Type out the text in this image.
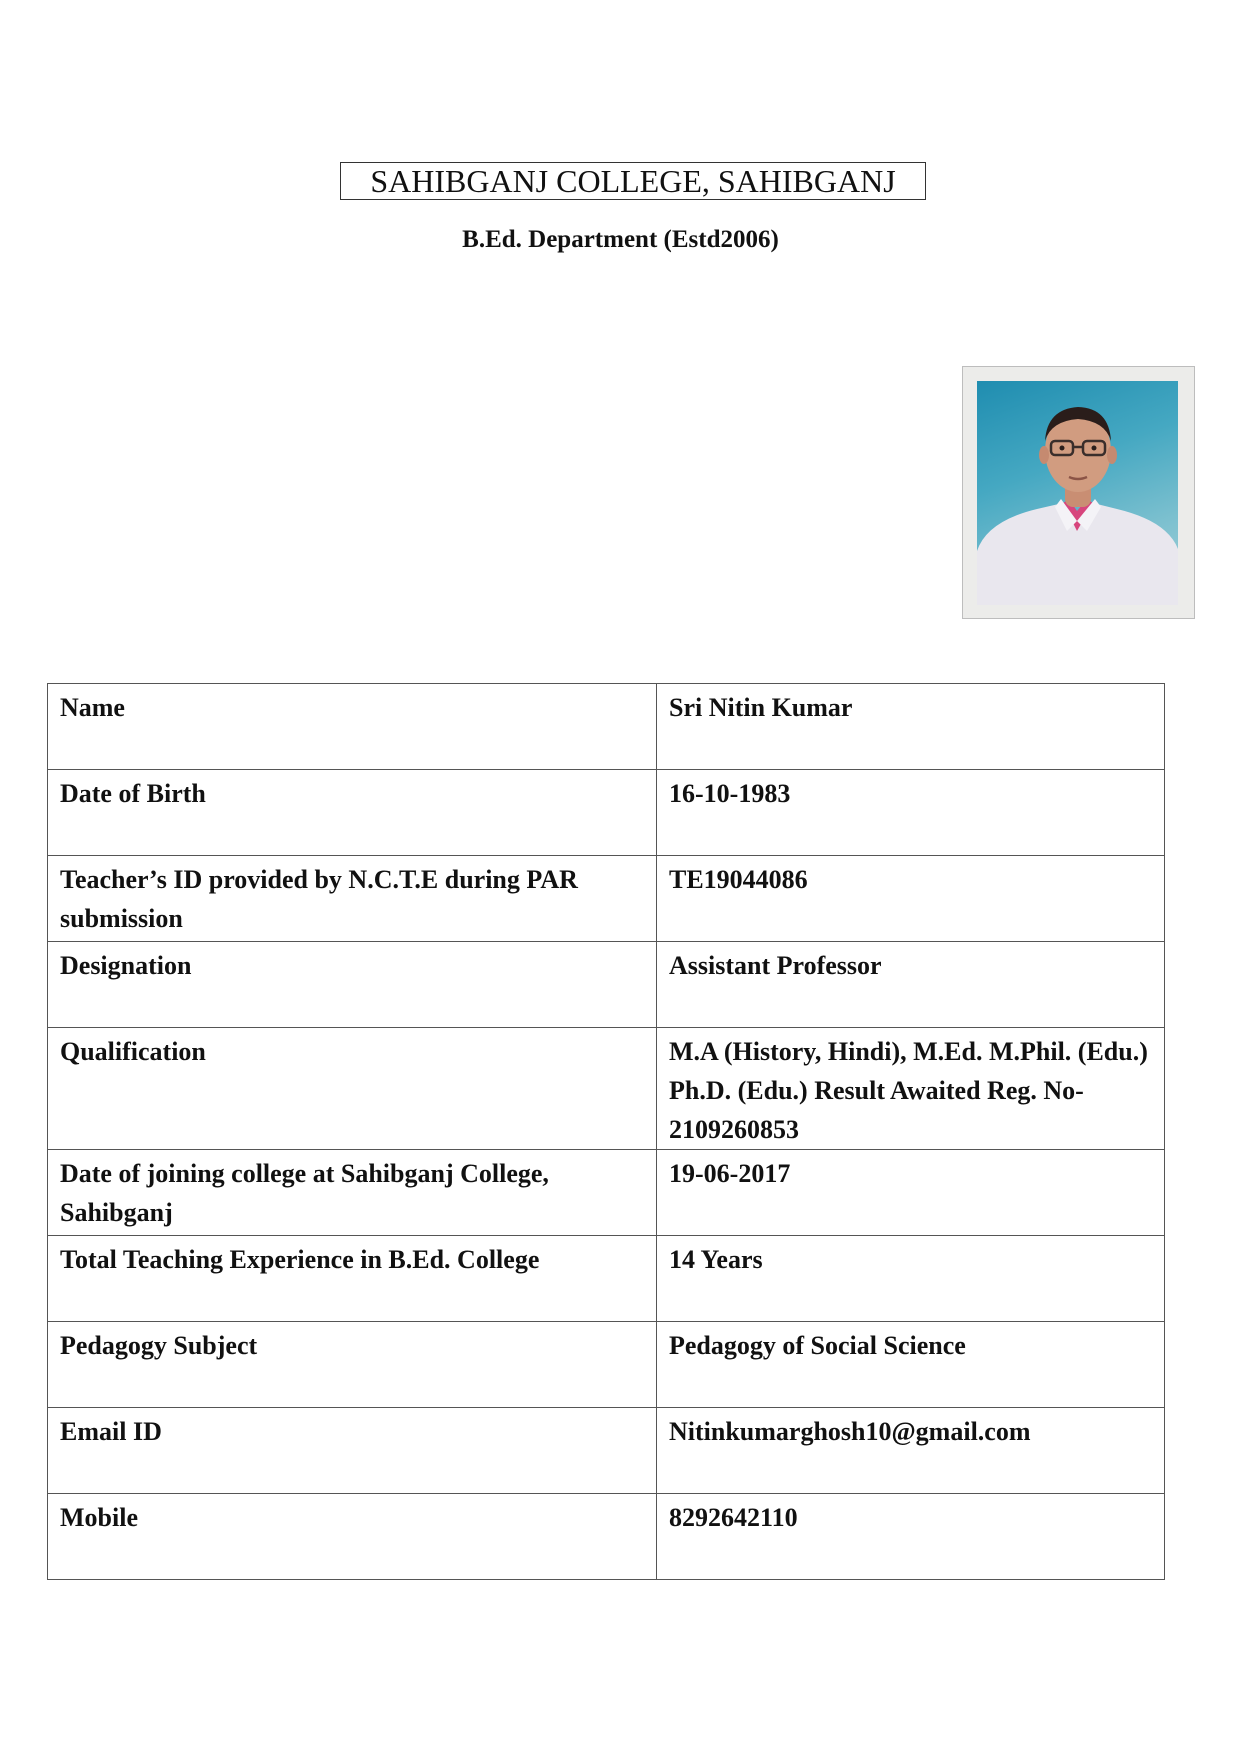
SAHIBGANJ COLLEGE, SAHIBGANJ
B.Ed. Department (Estd2006)
Name	Sri Nitin Kumar
Date of Birth	16-10-1983
Teacher’s ID provided by N.C.T.E during PAR submission	TE19044086
Designation	Assistant Professor
Qualification	M.A (History, Hindi), M.Ed. M.Phil. (Edu.) Ph.D. (Edu.) Result Awaited Reg. No-2109260853
Date of joining college at Sahibganj College, Sahibganj	19-06-2017
Total Teaching Experience in B.Ed. College	14 Years
Pedagogy Subject	Pedagogy of Social Science
Email ID	Nitinkumarghosh10@gmail.com
Mobile	8292642110
